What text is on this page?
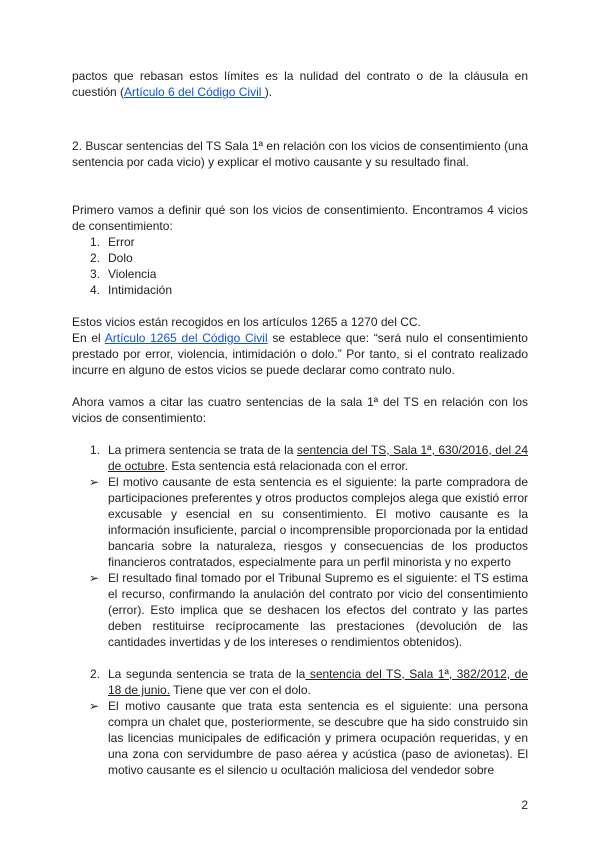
pactos que rebasan estos límites es la nulidad del contrato o de la cláusula en cuestión (Artículo 6 del Código Civil ).

2. Buscar sentencias del TS Sala 1ª en relación con los vicios de consentimiento (una sentencia por cada vicio) y explicar el motivo causante y su resultado final.

Primero vamos a definir qué son los vicios de consentimiento. Encontramos 4 vicios de consentimiento:

1. Error
2. Dolo
3. Violencia
4. Intimidación

Estos vicios están recogidos en los artículos 1265 a 1270 del CC.

En el Artículo 1265 del Código Civil se establece que: “será nulo el consentimiento prestado por error, violencia, intimidación o dolo.” Por tanto, si el contrato realizado incurre en alguno de estos vicios se puede declarar como contrato nulo.

Ahora vamos a citar las cuatro sentencias de la sala 1ª del TS en relación con los vicios de consentimiento:

1. La primera sentencia se trata de la sentencia del TS, Sala 1ª, 630/2016, del 24 de octubre. Esta sentencia está relacionada con el error.
➢ El motivo causante de esta sentencia es el siguiente: la parte compradora de participaciones preferentes y otros productos complejos alega que existió error excusable y esencial en su consentimiento. El motivo causante es la información insuficiente, parcial o incomprensible proporcionada por la entidad bancaria sobre la naturaleza, riesgos y consecuencias de los productos financieros contratados, especialmente para un perfil minorista y no experto
➢ El resultado final tomado por el Tribunal Supremo es el siguiente: el TS estima el recurso, confirmando la anulación del contrato por vicio del consentimiento (error). Esto implica que se deshacen los efectos del contrato y las partes deben restituirse recíprocamente las prestaciones (devolución de las cantidades invertidas y de los intereses o rendimientos obtenidos).
2. La segunda sentencia se trata de la sentencia del TS, Sala 1ª, 382/2012, de 18 de junio. Tiene que ver con el dolo.
➢ El motivo causante que trata esta sentencia es el siguiente: una persona compra un chalet que, posteriormente, se descubre que ha sido construido sin las licencias municipales de edificación y primera ocupación requeridas, y en una zona con servidumbre de paso aérea y acústica (paso de avionetas). El motivo causante es el silencio u ocultación maliciosa del vendedor sobre
2
